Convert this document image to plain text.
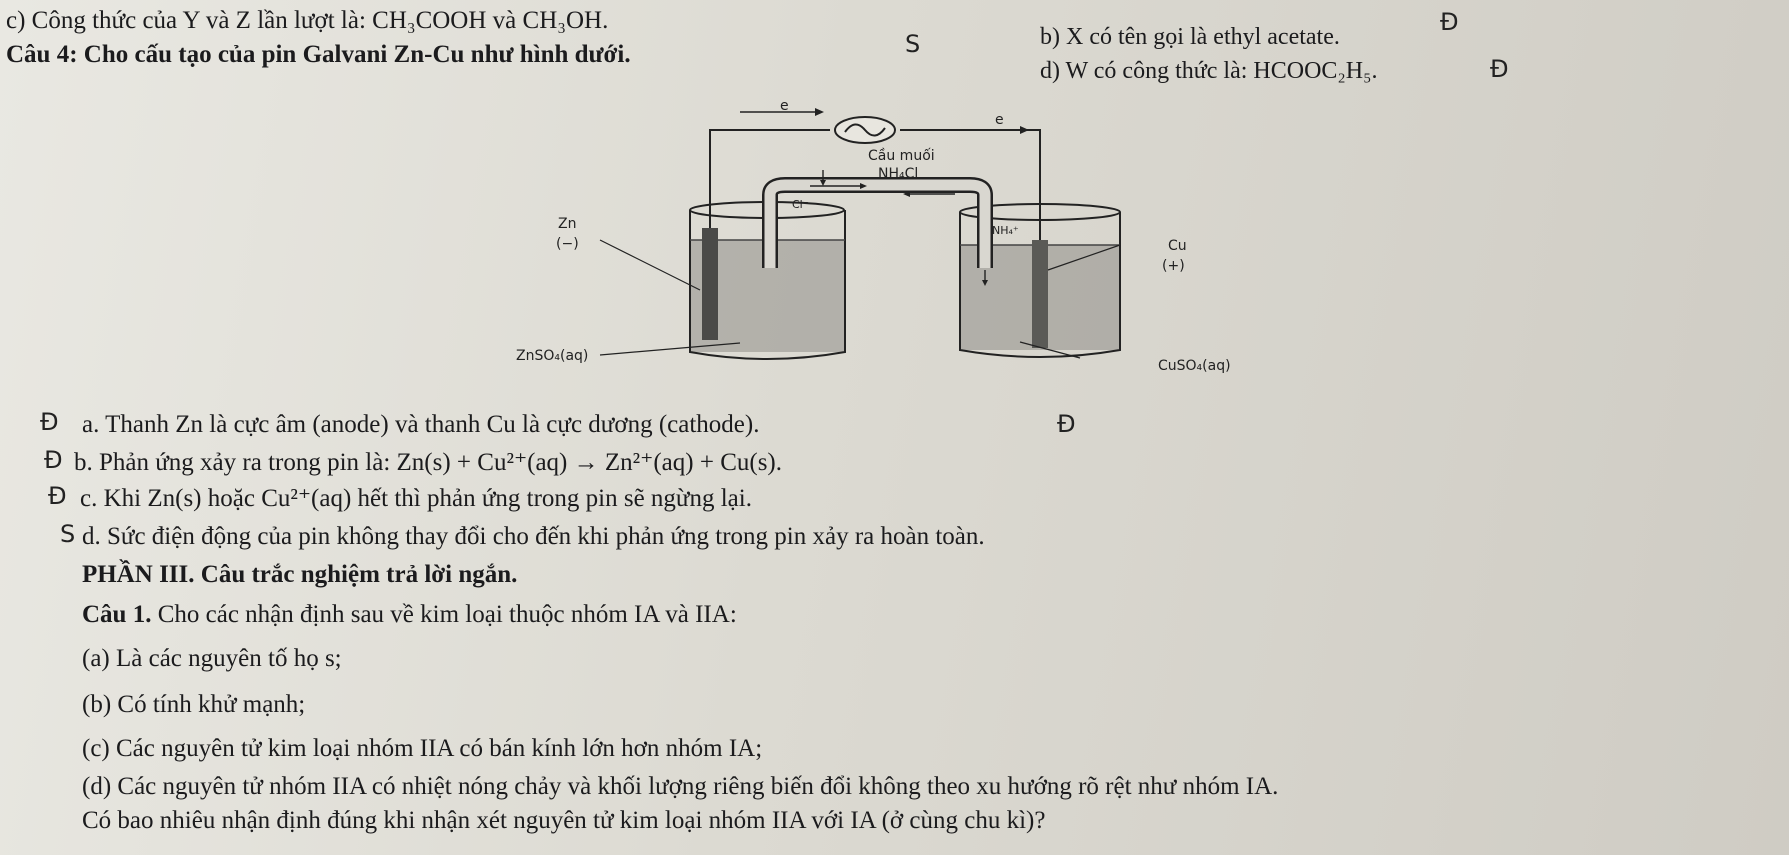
c) Công thức của Y và Z lần lượt là: CH₃COOH và CH₃OH.
S
Câu 4: Cho cấu tạo của pin Galvani Zn-Cu như hình dưới.
b) X có tên gọi là ethyl acetate.
Đ
d) W có công thức là: HCOOC₂H₅.	Đ
e
e
Cầu muối
NH₄Cl
Cl⁻
NH₄⁺
Zn
(−)	Cu
(+)
ZnSO₄(aq)
CuSO₄(aq)
Đ a. Thanh Zn là cực âm (anode) và thanh Cu là cực dương (cathode).	Đ
Đ b. Phản ứng xảy ra trong pin là: Zn(s) + Cu²⁺(aq) → Zn²⁺(aq) + Cu(s).
Đ c. Khi Zn(s) hoặc Cu²⁺(aq) hết thì phản ứng trong pin sẽ ngừng lại.
S d. Sức điện động của pin không thay đổi cho đến khi phản ứng trong pin xảy ra hoàn toàn.
PHẦN III. Câu trắc nghiệm trả lời ngắn.
Câu 1. Cho các nhận định sau về kim loại thuộc nhóm IA và IIA:
(a) Là các nguyên tố họ s;
(b) Có tính khử mạnh;
(c) Các nguyên tử kim loại nhóm IIA có bán kính lớn hơn nhóm IA;
(d) Các nguyên tử nhóm IIA có nhiệt nóng chảy và khối lượng riêng biến đổi không theo xu hướng rõ rệt như nhóm IA.
Có bao nhiêu nhận định đúng khi nhận xét nguyên tử kim loại nhóm IIA với IA (ở cùng chu kì)?
